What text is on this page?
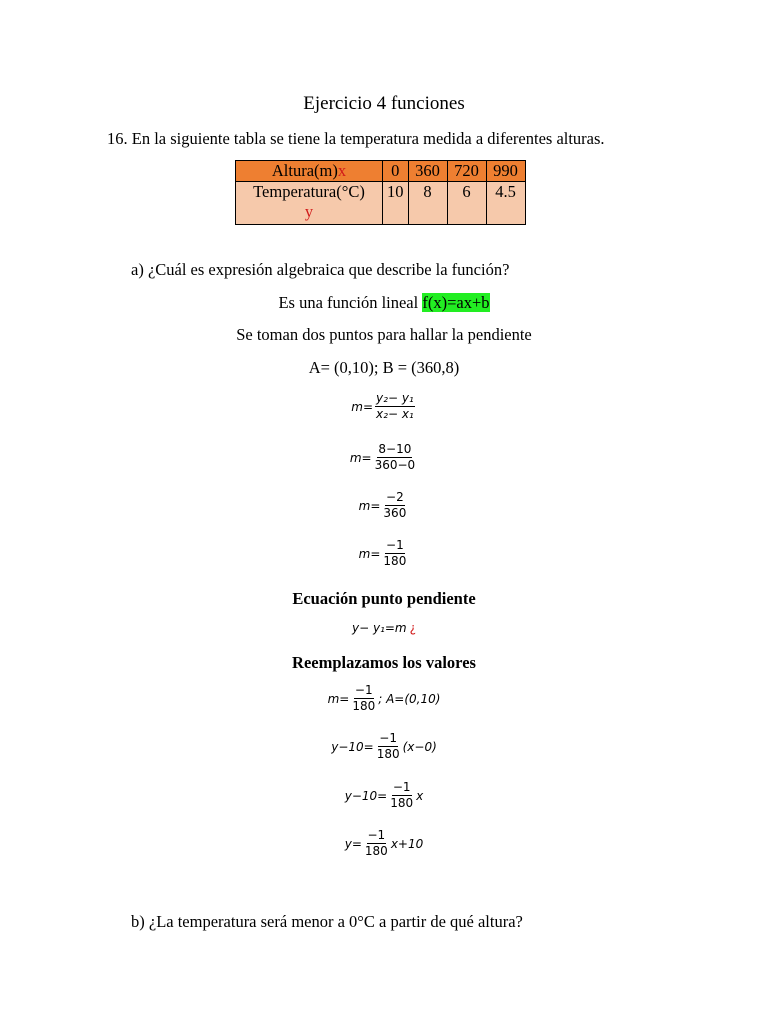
Ejercicio 4 funciones
16. En la siguiente tabla se tiene la temperatura medida a diferentes alturas.
Altura(m)x	0	360	720	990

Temperatura(°C)
y	10	8	6	4.5
a) ¿Cuál es expresión algebraica que describe la función?
Es una función lineal f(x)=ax+b
Se toman dos puntos para hallar la pendiente
A= (0,10); B = (360,8)
$m = \frac{\text{y₂− y₁}}{\text{x₂− x₁}}$
$m = \frac{8-10}{360-0}$
$m = \frac{-2}{360}$
$m = \frac{-1}{180}$
Ecuación punto pendiente
y− y₁=m ¿
Reemplazamos los valores
$m = \frac{-1}{180}$ ; A=(0,10)
$y-10= \frac{-1}{180} (x-0)$
$y-10= \frac{-1}{180}$ x
$y= \frac{-1}{180} x+10$
b) ¿La temperatura será menor a 0°C a partir de qué altura?
